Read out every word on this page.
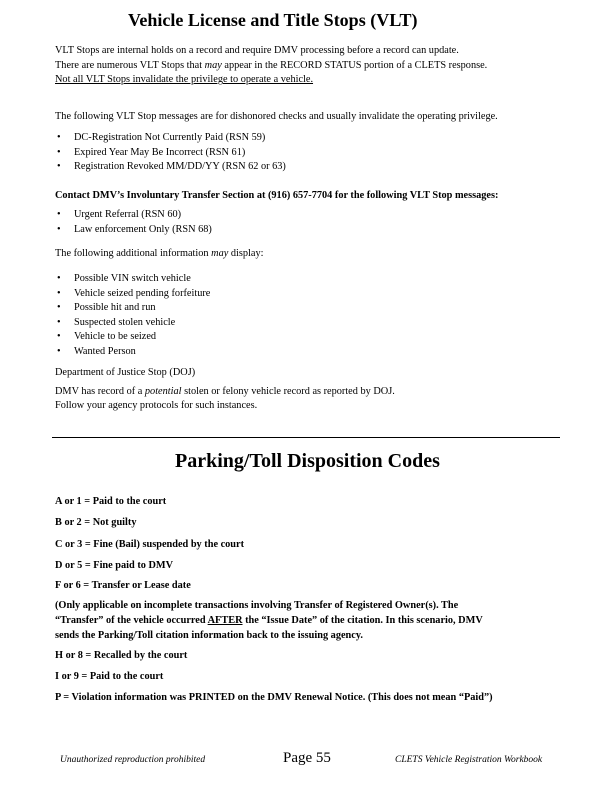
Vehicle License and Title Stops (VLT)
VLT Stops are internal holds on a record and require DMV processing before a record can update.
There are numerous VLT Stops that may appear in the RECORD STATUS portion of a CLETS response.
Not all VLT Stops invalidate the privilege to operate a vehicle.
The following VLT Stop messages are for dishonored checks and usually invalidate the operating privilege.
• DC-Registration Not Currently Paid (RSN 59)
• Expired Year May Be Incorrect (RSN 61)
• Registration Revoked MM/DD/YY (RSN 62 or 63)
Contact DMV’s Involuntary Transfer Section at (916) 657-7704 for the following VLT Stop messages:
• Urgent Referral (RSN 60)
• Law enforcement Only (RSN 68)
The following additional information may display:
• Possible VIN switch vehicle
• Vehicle seized pending forfeiture
• Possible hit and run
• Suspected stolen vehicle
• Vehicle to be seized
• Wanted Person
Department of Justice Stop (DOJ)
DMV has record of a potential stolen or felony vehicle record as reported by DOJ.
Follow your agency protocols for such instances.
Parking/Toll Disposition Codes
A or 1 = Paid to the court
B or 2 = Not guilty
C or 3 = Fine (Bail) suspended by the court
D or 5 = Fine paid to DMV
F or 6 = Transfer or Lease date
(Only applicable on incomplete transactions involving Transfer of Registered Owner(s). The
“Transfer” of the vehicle occurred AFTER the “Issue Date” of the citation. In this scenario, DMV
sends the Parking/Toll citation information back to the issuing agency.
H or 8 = Recalled by the court
I or 9 = Paid to the court
P = Violation information was PRINTED on the DMV Renewal Notice. (This does not mean “Paid”)
Unauthorized reproduction prohibited	Page 55	CLETS Vehicle Registration Workbook
